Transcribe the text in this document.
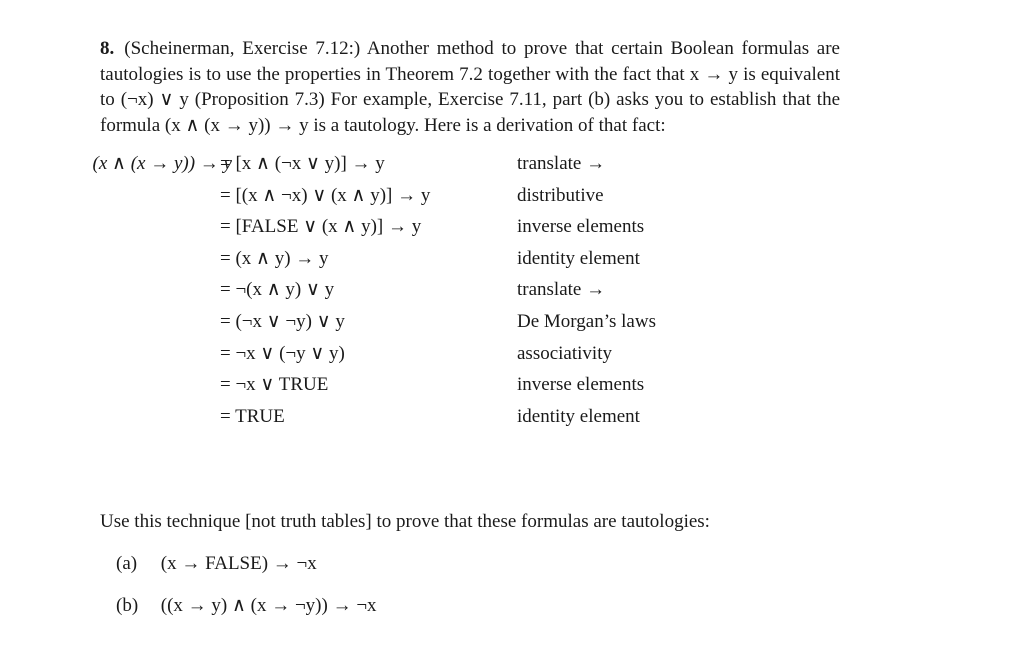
8. (Scheinerman, Exercise 7.12:) Another method to prove that certain Boolean formulas are tautologies is to use the properties in Theorem 7.2 together with the fact that x → y is equivalent to (¬x) ∨ y (Proposition 7.3) For example, Exercise 7.11, part (b) asks you to establish that the formula (x ∧ (x → y)) → y is a tautology. Here is a derivation of that fact:

(x ∧ (x → y)) → y
= [x ∧ (¬x ∨ y)] → y	translate →
= [(x ∧ ¬x) ∨ (x ∧ y)] → y	distributive
= [FALSE ∨ (x ∧ y)] → y	inverse elements
= (x ∧ y) → y	identity element
= ¬(x ∧ y) ∨ y	translate →
= (¬x ∨ ¬y) ∨ y	De Morgan’s laws
= ¬x ∨ (¬y ∨ y)	associativity
= ¬x ∨ TRUE	inverse elements
= TRUE	identity element

Use this technique [not truth tables] to prove that these formulas are tautologies:

(a) (x → FALSE) → ¬x
(b) ((x → y) ∧ (x → ¬y)) → ¬x
